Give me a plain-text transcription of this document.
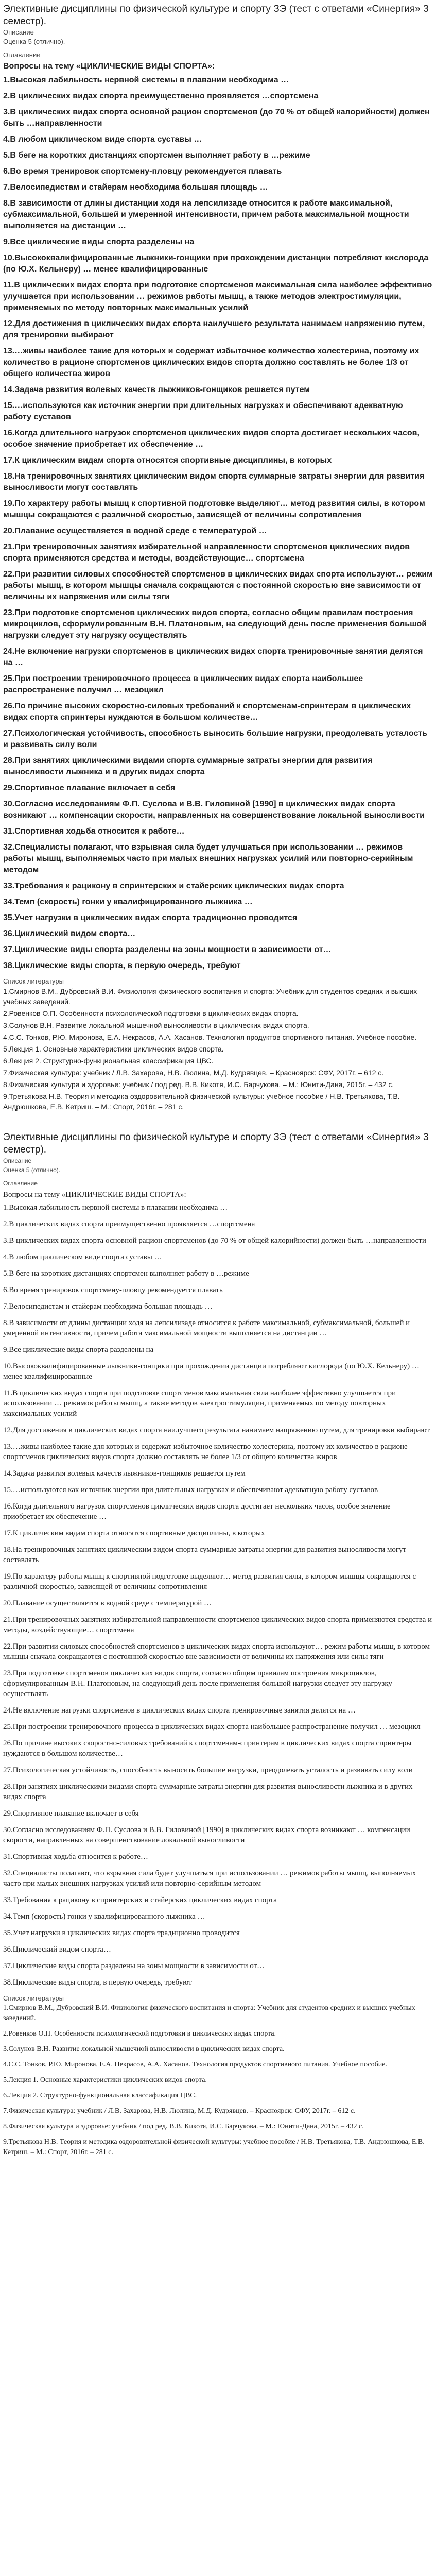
Элективные дисциплины по физической культуре и спорту ЗЭ (тест с ответами «Синергия» 3 семестр).
Описание
Оценка 5 (отлично).
Оглавление
Вопросы на тему «ЦИКЛИЧЕСКИЕ ВИДЫ СПОРТА»:
1.Высокая лабильность нервной системы в плавании необходима …
2.В циклических видах спорта преимущественно проявляется …спортсмена
3.В циклических видах спорта основной рацион спортсменов (до 70 % от общей калорийности) должен быть …направленности
4.В любом циклическом виде спорта суставы …
5.В беге на коротких дистанциях спортсмен выполняет работу в …режиме
6.Во время тренировок спортсмену-пловцу рекомендуется плавать
7.Велосипедистам и стайерам необходима большая площадь …
8.В зависимости от длины дистанции ходя на лепсилизаде относится к работе максимальной, субмаксимальной, большей и умеренной интенсивности, причем работа максимальной мощности выполняется на дистанции …
9.Все циклические виды спорта разделены на
10.Высококвалифицированные лыжники-гонщики при прохождении дистанции потребляют кислорода (по Ю.Х. Кельнеру) … менее квалифицированные
11.В циклических видах спорта при подготовке спортсменов максимальная сила наиболее эффективно улучшается при использовании … режимов работы мышц, а также методов электростимуляции, применяемых по методу повторных максимальных усилий
12.Для достижения в циклических видах спорта наилучшего результата нанимаем напряжению путем, для тренировки выбирают
13.…живы наиболее такие для которых и содержат избыточное количество холестерина, поэтому их количество в рационе спортсменов циклических видов спорта должно составлять не более 1/3 от общего количества жиров
14.Задача развития волевых качеств лыжников-гонщиков решается путем
15.…используются как источник энергии при длительных нагрузках и обеспечивают адекватную работу суставов
16.Когда длительного нагрузок спортсменов циклических видов спорта достигает нескольких часов, особое значение приобретает их обеспечение …
17.К циклическим видам спорта относятся спортивные дисциплины, в которых
18.На тренировочных занятиях циклическим видом спорта суммарные затраты энергии для развития выносливости могут составлять
19.По характеру работы мышц к спортивной подготовке выделяют… метод развития силы, в котором мышцы сокращаются с различной скоростью, зависящей от величины сопротивления
20.Плавание осуществляется в водной среде с температурой …
21.При тренировочных занятиях избирательной направленности спортсменов циклических видов спорта применяются средства и методы, воздействующие… спортсмена
22.При развитии силовых способностей спортсменов в циклических видах спорта используют… режим работы мышц, в котором мышцы сначала сокращаются с постоянной скоростью вне зависимости от величины их напряжения или силы тяги
23.При подготовке спортсменов циклических видов спорта, согласно общим правилам построения микроциклов, сформулированным В.Н. Платоновым, на следующий день после применения большой нагрузки следует эту нагрузку осуществлять
24.Не включение нагрузки спортсменов в циклических видах спорта тренировочные занятия делятся на …
25.При построении тренировочного процесса в циклических видах спорта наибольшее распространение получил … мезоцикл
26.По причине высоких скоростно-силовых требований к спортсменам-спринтерам в циклических видах спорта спринтеры нуждаются в большом количестве…
27.Психологическая устойчивость, способность выносить большие нагрузки, преодолевать усталость и развивать силу воли
28.При занятиях циклическими видами спорта суммарные затраты энергии для развития выносливости лыжника и в других видах спорта
29.Спортивное плавание включает в себя
30.Согласно исследованиям Ф.П. Суслова и В.В. Гиловиной [1990] в циклических видах спорта возникают … компенсации скорости, направленных на совершенствование локальной выносливости
31.Спортивная ходьба относится к работе…
32.Специалисты полагают, что взрывная сила будет улучшаться при использовании … режимов работы мышц, выполняемых часто при малых внешних нагрузках усилий или повторно-серийным методом
33.Требования к рацикону в спринтерских и стайерских циклических видах спорта
34.Темп (скорость) гонки у квалифицированного лыжника …
35.Учет нагрузки в циклических видах спорта традиционно проводится
36.Циклический видом спорта…
37.Циклические виды спорта разделены на зоны мощности в зависимости от…
38.Циклические виды спорта, в первую очередь, требуют
Список литературы
1.Смирнов В.М., Дубровский В.И. Физиология физического воспитания и спорта: Учебник для студентов средних и высших учебных заведений.
2.Ровенков О.П. Особенности психологической подготовки в циклических видах спорта.
3.Солунов В.Н. Развитие локальной мышечной выносливости в циклических видах спорта.
4.С.С. Тонков, Р.Ю. Миронова, Е.А. Некрасов, А.А. Хасанов. Технология продуктов спортивного питания. Учебное пособие.
5.Лекция 1. Основные характеристики циклических видов спорта.
6.Лекция 2. Структурно-функциональная классификация ЦВС.
7.Физическая культура: учебник / Л.В. Захарова, Н.В. Люлина, М.Д. Кудрявцев. – Красноярск: СФУ, 2017г. – 612 с.
8.Физическая культура и здоровье: учебник / под ред. В.В. Кикотя, И.С. Барчукова. – М.: Юнити-Дана, 2015г. – 432 с.
9.Третьякова Н.В. Теория и методика оздоровительной физической культуры: учебное пособие / Н.В. Третьякова, Т.В. Андрюшкова, Е.В. Кетриш. – М.: Спорт, 2016г. – 281 с.
Элективные дисциплины по физической культуре и спорту ЗЭ (тест с ответами «Синергия» 3 семестр).
Описание
Оценка 5 (отлично).
Оглавление
Вопросы на тему «ЦИКЛИЧЕСКИЕ ВИДЫ СПОРТА»:
1.Высокая лабильность нервной системы в плавании необходима …
2.В циклических видах спорта преимущественно проявляется …спортсмена
3.В циклических видах спорта основной рацион спортсменов (до 70 % от общей калорийности) должен быть …направленности
4.В любом циклическом виде спорта суставы …
5.В беге на коротких дистанциях спортсмен выполняет работу в …режиме
6.Во время тренировок спортсмену-пловцу рекомендуется плавать
7.Велосипедистам и стайерам необходима большая площадь …
8.В зависимости от длины дистанции ходя на лепсилизаде относится к работе максимальной, субмаксимальной, большей и умеренной интенсивности, причем работа максимальной мощности выполняется на дистанции …
9.Все циклические виды спорта разделены на
10.Высококвалифицированные лыжники-гонщики при прохождении дистанции потребляют кислорода (по Ю.Х. Кельнеру) … менее квалифицированные
11.В циклических видах спорта при подготовке спортсменов максимальная сила наиболее эффективно улучшается при использовании … режимов работы мышц, а также методов электростимуляции, применяемых по методу повторных максимальных усилий
12.Для достижения в циклических видах спорта наилучшего результата нанимаем напряжению путем, для тренировки выбирают
13.…живы наиболее такие для которых и содержат избыточное количество холестерина, поэтому их количество в рационе спортсменов циклических видов спорта должно составлять не более 1/3 от общего количества жиров
14.Задача развития волевых качеств лыжников-гонщиков решается путем
15.…используются как источник энергии при длительных нагрузках и обеспечивают адекватную работу суставов
16.Когда длительного нагрузок спортсменов циклических видов спорта достигает нескольких часов, особое значение приобретает их обеспечение …
17.К циклическим видам спорта относятся спортивные дисциплины, в которых
18.На тренировочных занятиях циклическим видом спорта суммарные затраты энергии для развития выносливости могут составлять
19.По характеру работы мышц к спортивной подготовке выделяют… метод развития силы, в котором мышцы сокращаются с различной скоростью, зависящей от величины сопротивления
20.Плавание осуществляется в водной среде с температурой …
21.При тренировочных занятиях избирательной направленности спортсменов циклических видов спорта применяются средства и методы, воздействующие… спортсмена
22.При развитии силовых способностей спортсменов в циклических видах спорта используют… режим работы мышц, в котором мышцы сначала сокращаются с постоянной скоростью вне зависимости от величины их напряжения или силы тяги
23.При подготовке спортсменов циклических видов спорта, согласно общим правилам построения микроциклов, сформулированным В.Н. Платоновым, на следующий день после применения большой нагрузки следует эту нагрузку осуществлять
24.Не включение нагрузки спортсменов в циклических видах спорта тренировочные занятия делятся на …
25.При построении тренировочного процесса в циклических видах спорта наибольшее распространение получил … мезоцикл
26.По причине высоких скоростно-силовых требований к спортсменам-спринтерам в циклических видах спорта спринтеры нуждаются в большом количестве…
27.Психологическая устойчивость, способность выносить большие нагрузки, преодолевать усталость и развивать силу воли
28.При занятиях циклическими видами спорта суммарные затраты энергии для развития выносливости лыжника и в других видах спорта
29.Спортивное плавание включает в себя
30.Согласно исследованиям Ф.П. Суслова и В.В. Гиловиной [1990] в циклических видах спорта возникают … компенсации скорости, направленных на совершенствование локальной выносливости
31.Спортивная ходьба относится к работе…
32.Специалисты полагают, что взрывная сила будет улучшаться при использовании … режимов работы мышц, выполняемых часто при малых внешних нагрузках усилий или повторно-серийным методом
33.Требования к рацикону в спринтерских и стайерских циклических видах спорта
34.Темп (скорость) гонки у квалифицированного лыжника …
35.Учет нагрузки в циклических видах спорта традиционно проводится
36.Циклический видом спорта…
37.Циклические виды спорта разделены на зоны мощности в зависимости от…
38.Циклические виды спорта, в первую очередь, требуют
Список литературы
1.Смирнов В.М., Дубровский В.И. Физиология физического воспитания и спорта: Учебник для студентов средних и высших учебных заведений.
2.Ровенков О.П. Особенности психологической подготовки в циклических видах спорта.
3.Солунов В.Н. Развитие локальной мышечной выносливости в циклических видах спорта.
4.С.С. Тонков, Р.Ю. Миронова, Е.А. Некрасов, А.А. Хасанов. Технология продуктов спортивного питания. Учебное пособие.
5.Лекция 1. Основные характеристики циклических видов спорта.
6.Лекция 2. Структурно-функциональная классификация ЦВС.
7.Физическая культура: учебник / Л.В. Захарова, Н.В. Люлина, М.Д. Кудрявцев. – Красноярск: СФУ, 2017г. – 612 с.
8.Физическая культура и здоровье: учебник / под ред. В.В. Кикотя, И.С. Барчукова. – М.: Юнити-Дана, 2015г. – 432 с.
9.Третьякова Н.В. Теория и методика оздоровительной физической культуры: учебное пособие / Н.В. Третьякова, Т.В. Андрюшкова, Е.В. Кетриш. – М.: Спорт, 2016г. – 281 с.
